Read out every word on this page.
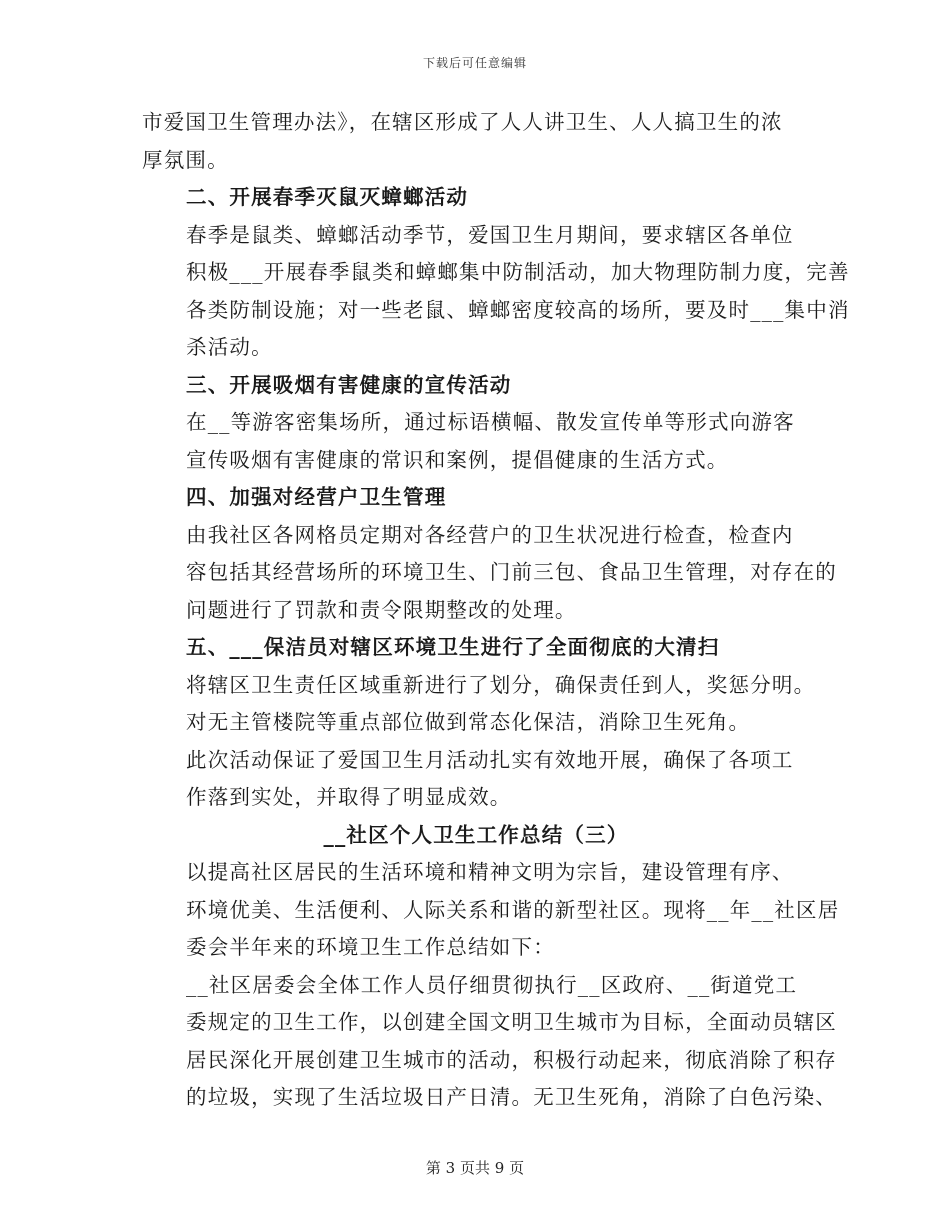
下载后可任意编辑

市爱国卫生管理办法》，在辖区形成了人人讲卫生、人人搞卫生的浓
厚氛围。

二、开展春季灭鼠灭蟑螂活动

春季是鼠类、蟑螂活动季节，爱国卫生月期间，要求辖区各单位
积极___开展春季鼠类和蟑螂集中防制活动，加大物理防制力度，完善
各类防制设施；对一些老鼠、蟑螂密度较高的场所，要及时___集中消
杀活动。

三、开展吸烟有害健康的宣传活动

在__等游客密集场所，通过标语横幅、散发宣传单等形式向游客
宣传吸烟有害健康的常识和案例，提倡健康的生活方式。

四、加强对经营户卫生管理

由我社区各网格员定期对各经营户的卫生状况进行检查，检查内
容包括其经营场所的环境卫生、门前三包、食品卫生管理，对存在的
问题进行了罚款和责令限期整改的处理。

五、___保洁员对辖区环境卫生进行了全面彻底的大清扫

将辖区卫生责任区域重新进行了划分，确保责任到人，奖惩分明。
对无主管楼院等重点部位做到常态化保洁，消除卫生死角。

此次活动保证了爱国卫生月活动扎实有效地开展，确保了各项工
作落到实处，并取得了明显成效。

__社区个人卫生工作总结（三）

以提高社区居民的生活环境和精神文明为宗旨，建设管理有序、
环境优美、生活便利、人际关系和谐的新型社区。现将__年__社区居
委会半年来的环境卫生工作总结如下：

__社区居委会全体工作人员仔细贯彻执行__区政府、__街道党工
委规定的卫生工作，以创建全国文明卫生城市为目标，全面动员辖区
居民深化开展创建卫生城市的活动，积极行动起来，彻底消除了积存
的垃圾，实现了生活垃圾日产日清。无卫生死角，消除了白色污染、

第 3 页共 9 页
